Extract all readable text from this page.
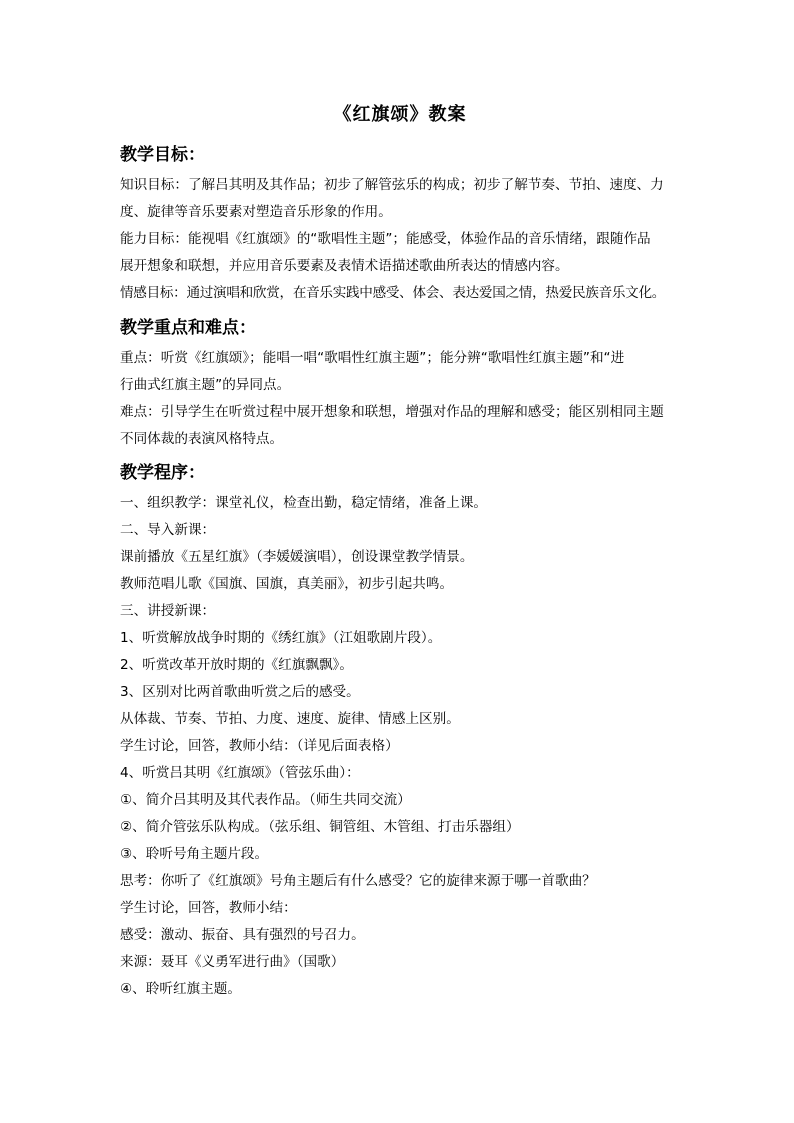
《红旗颂》教案
教学目标：
知识目标：了解吕其明及其作品；初步了解管弦乐的构成；初步了解节奏、节拍、速度、力
度、旋律等音乐要素对塑造音乐形象的作用。
能力目标：能视唱《红旗颂》的“歌唱性主题”；能感受，体验作品的音乐情绪，跟随作品
展开想象和联想，并应用音乐要素及表情术语描述歌曲所表达的情感内容。
情感目标：通过演唱和欣赏，在音乐实践中感受、体会、表达爱国之情，热爱民族音乐文化。
教学重点和难点：
重点：听赏《红旗颂》；能唱一唱“歌唱性红旗主题”；能分辨“歌唱性红旗主题”和“进
行曲式红旗主题”的异同点。
难点：引导学生在听赏过程中展开想象和联想，增强对作品的理解和感受；能区别相同主题
不同体裁的表演风格特点。
教学程序：
一、组织教学：课堂礼仪，检查出勤，稳定情绪，准备上课。
二、导入新课：
课前播放《五星红旗》（李媛媛演唱），创设课堂教学情景。
教师范唱儿歌《国旗、国旗，真美丽》，初步引起共鸣。
三、讲授新课：
1、听赏解放战争时期的《绣红旗》（江姐歌剧片段）。
2、听赏改革开放时期的《红旗飘飘》。
3、区别对比两首歌曲听赏之后的感受。
从体裁、节奏、节拍、力度、速度、旋律、情感上区别。
学生讨论，回答，教师小结：（详见后面表格）
4、听赏吕其明《红旗颂》（管弦乐曲）：
①、简介吕其明及其代表作品。（师生共同交流）
②、简介管弦乐队构成。（弦乐组、铜管组、木管组、打击乐器组）
③、聆听号角主题片段。
思考：你听了《红旗颂》号角主题后有什么感受？它的旋律来源于哪一首歌曲？
学生讨论，回答，教师小结：
感受：激动、振奋、具有强烈的号召力。
来源：聂耳《义勇军进行曲》（国歌）
④、聆听红旗主题。
